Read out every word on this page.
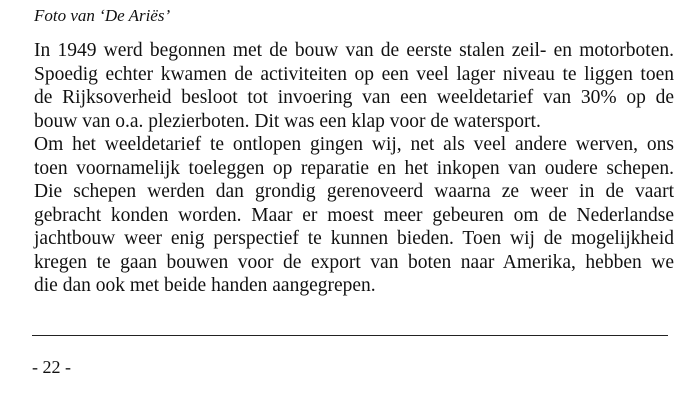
Foto van ‘De Ariës’
In 1949 werd begonnen met de bouw van de eerste stalen zeil- en motorboten.
Spoedig echter kwamen de activiteiten op een veel lager niveau te liggen toen
de Rijksoverheid besloot tot invoering van een weeldetarief van 30% op de
bouw van o.a. plezierboten. Dit was een klap voor de watersport.
Om het weeldetarief te ontlopen gingen wij, net als veel andere werven, ons
toen voornamelijk toeleggen op reparatie en het inkopen van oudere schepen.
Die schepen werden dan grondig gerenoveerd waarna ze weer in de vaart
gebracht konden worden. Maar er moest meer gebeuren om de Nederlandse
jachtbouw weer enig perspectief te kunnen bieden. Toen wij de mogelijkheid
kregen te gaan bouwen voor de export van boten naar Amerika, hebben we
die dan ook met beide handen aangegrepen.
- 22 -
